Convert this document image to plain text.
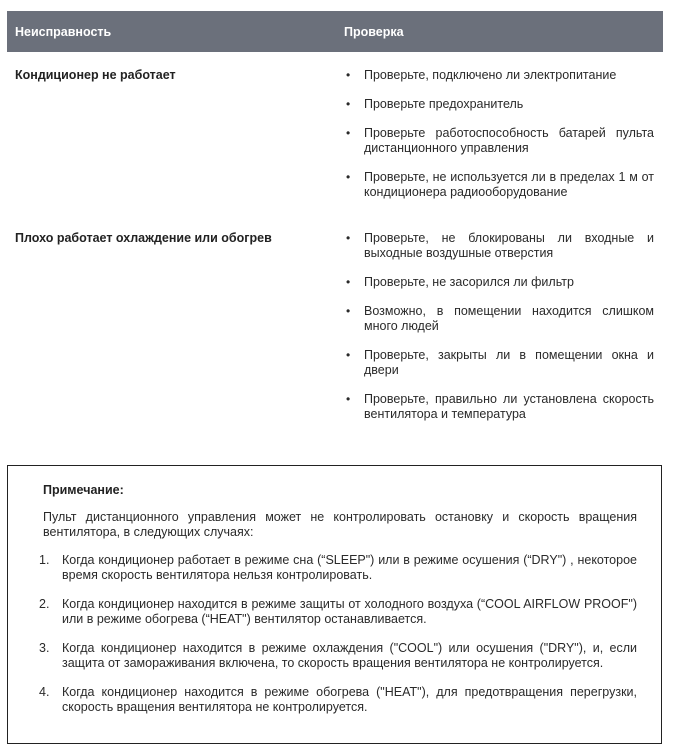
Неисправность	Проверка
Кондиционер не работает	• Проверьте, подключено ли электропитание
• Проверьте предохранитель
• Проверьте работоспособность батарей пульта дистанционного управления
• Проверьте, не используется ли в пределах 1 м от кондиционера радиооборудование
Плохо работает охлаждение или обогрев	• Проверьте, не блокированы ли входные и выходные воздушные отверстия
• Проверьте, не засорился ли фильтр
• Возможно, в помещении находится слишком много людей
• Проверьте, закрыты ли в помещении окна и двери
• Проверьте, правильно ли установлена скорость вентилятора и температура
Примечание:
Пульт дистанционного управления может не контролировать остановку и скорость вращения вентилятора, в следующих случаях:
1. Когда кондиционер работает в режиме сна (“SLEEP") или в режиме осушения (“DRY") , некоторое время скорость вентилятора нельзя контролировать.
2. Когда кондиционер находится в режиме защиты от холодного воздуха (“COOL AIRFLOW PROOF") или в режиме обогрева (“HEAT") вентилятор останавливается.
3. Когда кондиционер находится в режиме охлаждения ("COOL") или осушения ("DRY"), и, если защита от замораживания включена, то скорость вращения вентилятора не контролируется.
4. Когда кондиционер находится в режиме обогрева ("HEAT"), для предотвращения перегрузки, скорость вращения вентилятора не контролируется.
